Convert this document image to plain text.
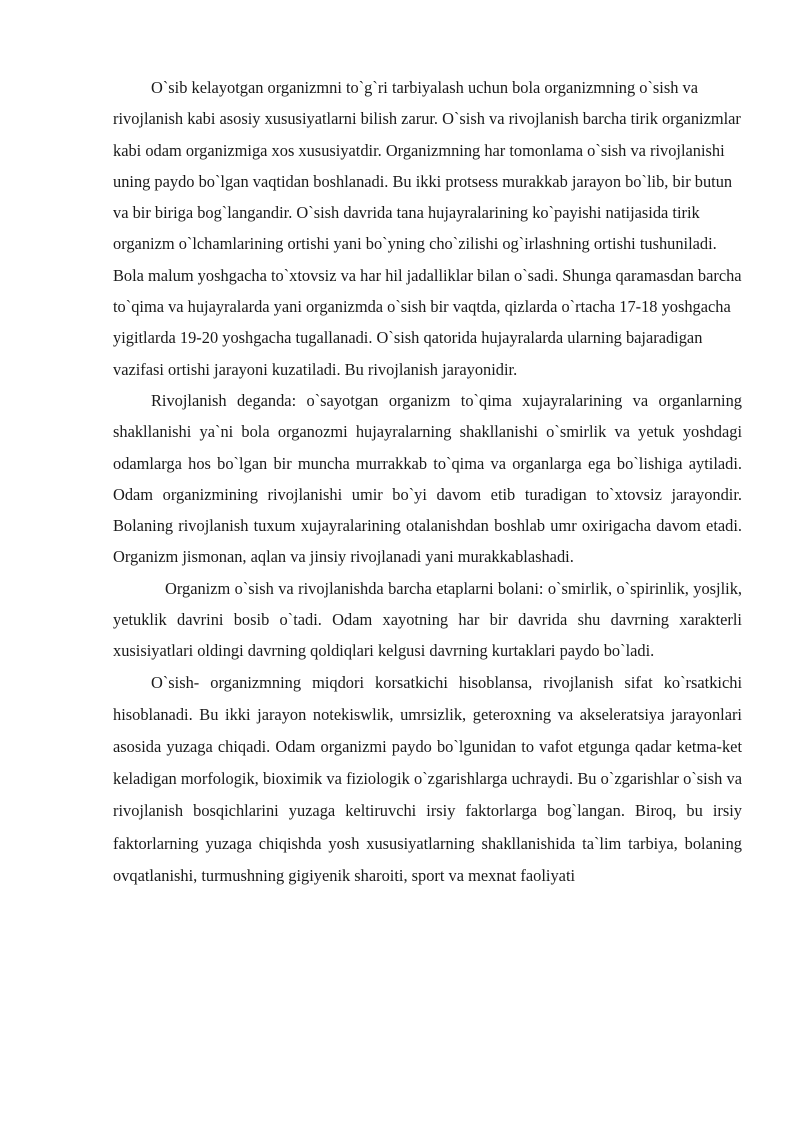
O`sib kelayotgan organizmni to`g`ri tarbiyalash uchun bola organizmning o`sish va rivojlanish kabi asosiy xususiyatlarni bilish zarur. O`sish va rivojlanish barcha tirik organizmlar kabi odam organizmiga xos xususiyatdir. Organizmning har tomonlama o`sish va rivojlanishi uning paydo bo`lgan vaqtidan boshlanadi. Bu ikki protsess murakkab jarayon bo`lib, bir butun va bir biriga bog`langandir. O`sish davrida tana hujayralarining ko`payishi natijasida tirik organizm o`lchamlarining ortishi yani bo`yning cho`zilishi og`irlashning ortishi tushuniladi. Bola malum yoshgacha to`xtovsiz va har hil jadalliklar bilan o`sadi. Shunga qaramasdan barcha to`qima va hujayralarda yani organizmda o`sish bir vaqtda, qizlarda o`rtacha 17-18 yoshgacha yigitlarda 19-20 yoshgacha tugallanadi. O`sish qatorida hujayralarda ularning bajaradigan vazifasi ortishi jarayoni kuzatiladi. Bu rivojlanish jarayonidir.

Rivojlanish deganda: o`sayotgan organizm to`qima xujayralarining va organlarning shakllanishi ya`ni bola organozmi hujayralarning shakllanishi o`smirlik va yetuk yoshdagi odamlarga hos bo`lgan bir muncha murrakkab to`qima va organlarga ega bo`lishiga aytiladi. Odam organizmining rivojlanishi umir bo`yi davom etib turadigan to`xtovsiz jarayondir. Bolaning rivojlanish tuxum xujayralarining otalanishdan boshlab umr oxirigacha davom etadi. Organizm jismonan, aqlan va jinsiy rivojlanadi yani murakkablashadi.

Organizm o`sish va rivojlanishda barcha etaplarni bolani: o`smirlik, o`spirinlik, yosjlik, yetuklik davrini bosib o`tadi. Odam xayotning har bir davrida shu davrning xarakterli xusisiyatlari oldingi davrning qoldiqlari kelgusi davrning kurtaklari paydo bo`ladi.

O`sish- organizmning miqdori korsatkichi hisoblansa, rivojlanish sifat ko`rsatkichi hisoblanadi. Bu ikki jarayon notekiswlik, umrsizlik, geteroxning va akseleratsiya jarayonlari asosida yuzaga chiqadi. Odam organizmi paydo bo`lgunidan to vafot etgunga qadar ketma-ket keladigan morfologik, bioximik va fiziologik o`zgarishlarga uchraydi. Bu o`zgarishlar o`sish va rivojlanish bosqichlarini yuzaga keltiruvchi irsiy faktorlarga bog`langan. Biroq, bu irsiy faktorlarning yuzaga chiqishda yosh xususiyatlarning shakllanishida ta`lim tarbiya, bolaning ovqatlanishi, turmushning gigiyenik sharoiti, sport va mexnat faoliyati
